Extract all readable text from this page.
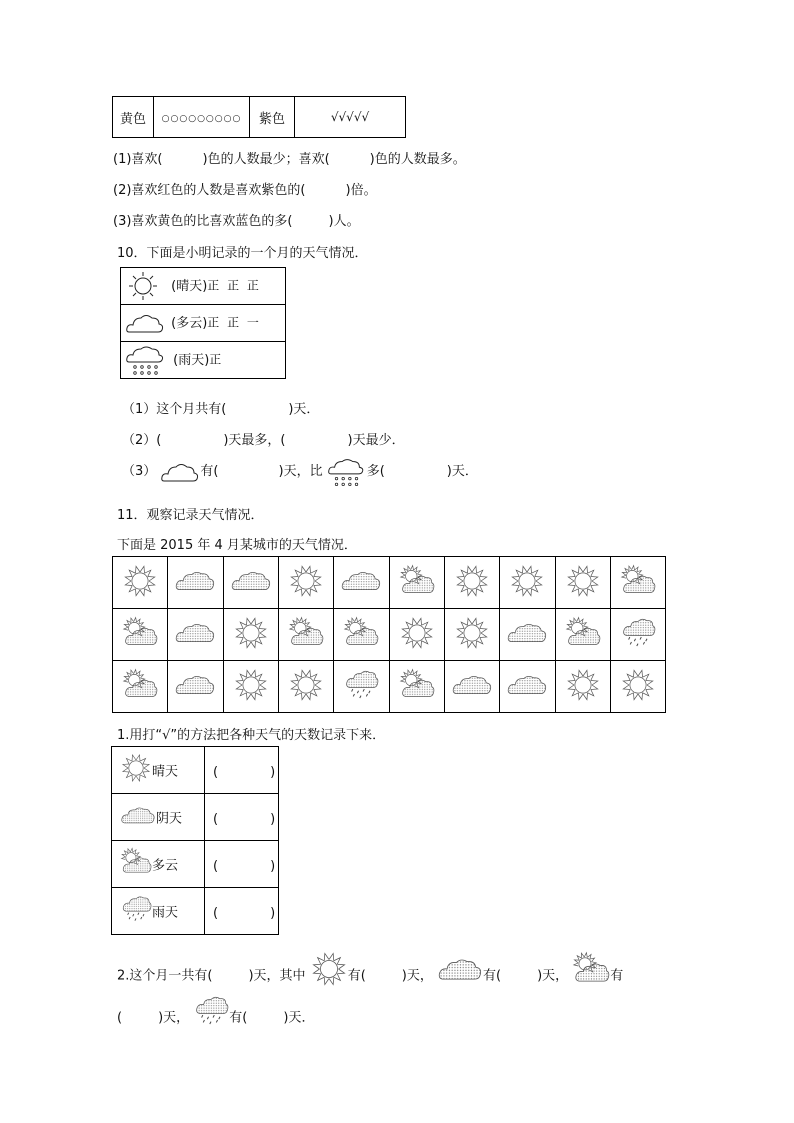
黄色	○○○○○○○○○	紫色	√√√√√
(1)喜欢(	)色的人数最少；喜欢(	)色的人数最多。
(2)喜欢红色的人数是喜欢紫色的(	)倍。
(3)喜欢黄色的比喜欢蓝色的多(	)人。
10．下面是小明记录的一个月的天气情况．
(晴天)正 正 正
(多云)正 正 一
(雨天)正
（1）这个月共有(	)天．
（2）(	)天最多，(	)天最少．
（3）	有(	)天，比	多(	)天．
11．观察记录天气情况．
下面是 2015 年 4 月某城市的天气情况．

1.用打“√”的方法把各种天气的天数记录下来．
晴天	(　　　　)
阴天	(　　　　)
多云	(　　　　)
雨天	(　　　　)
2.这个月一共有(	)天，其中	有(	)天，	有(	)天，	有
(	)天，	有(	)天．
